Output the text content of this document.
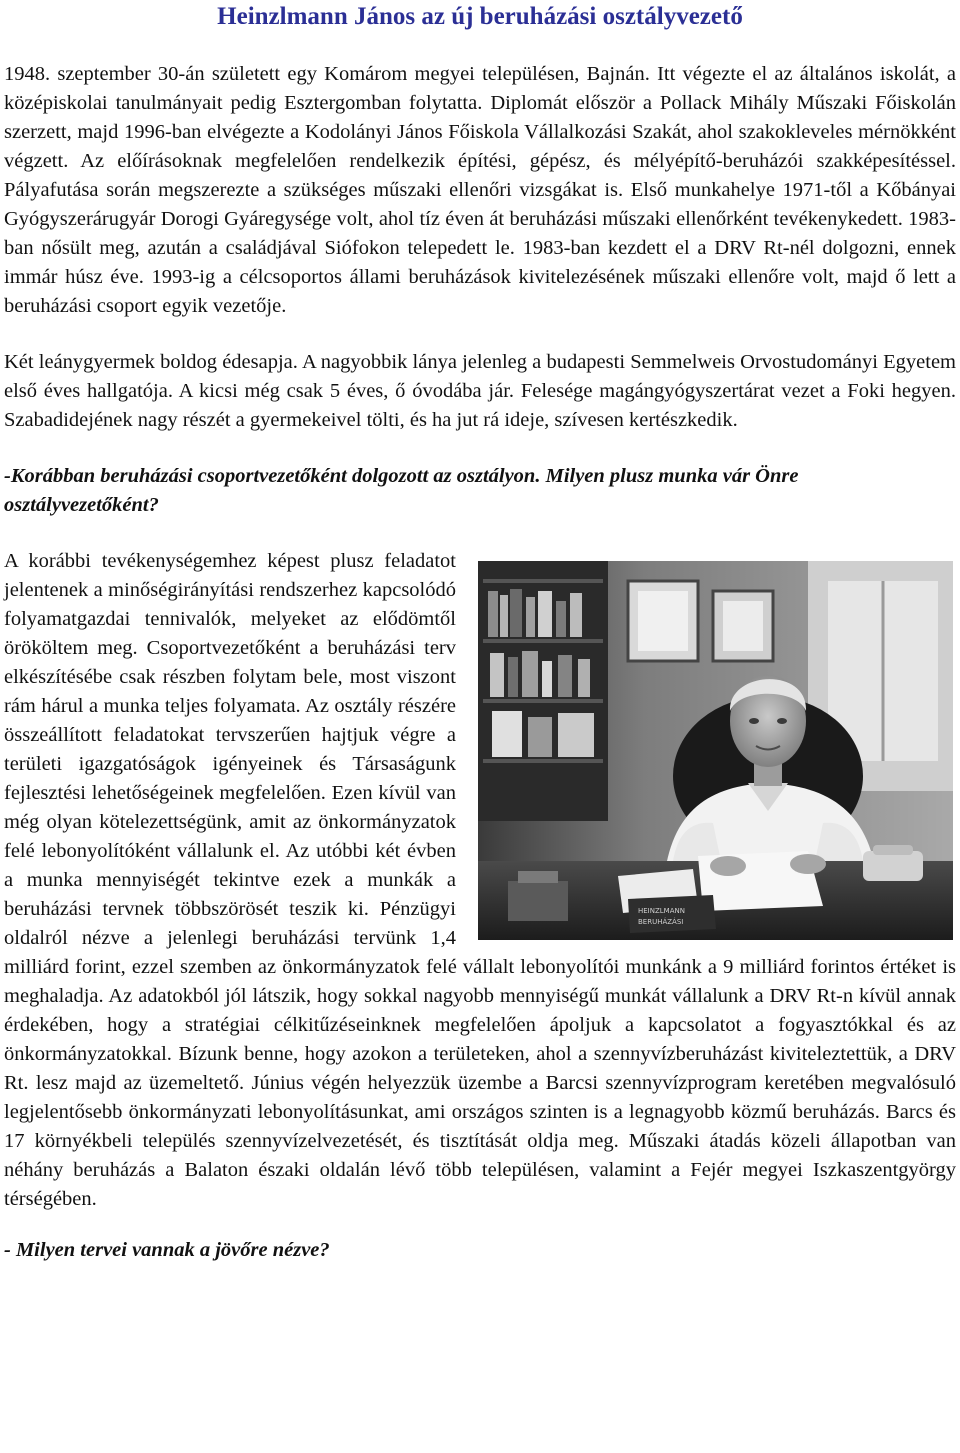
Heinzlmann János az új beruházási osztályvezető

1948. szeptember 30-án született egy Komárom megyei településen, Bajnán. Itt végezte el az általános iskolát, a középiskolai tanulmányait pedig Esztergomban folytatta. Diplomát először a Pollack Mihály Műszaki Főiskolán szerzett, majd 1996-ban elvégezte a Kodolányi János Főiskola Vállalkozási Szakát, ahol szakokleveles mérnökként végzett. Az előírásoknak megfelelően rendelkezik építési, gépész, és mélyépítő-beruházói szakképesítéssel. Pályafutása során megszerezte a szükséges műszaki ellenőri vizsgákat is. Első munkahelye 1971-től a Kőbányai Gyógyszerárugyár Dorogi Gyáregysége volt, ahol tíz éven át beruházási műszaki ellenőrként tevékenykedett. 1983-ban nősült meg, azután a családjával Siófokon telepedett le. 1983-ban kezdett el a DRV Rt-nél dolgozni, ennek immár húsz éve. 1993-ig a célcsoportos állami beruházások kivitelezésének műszaki ellenőre volt, majd ő lett a beruházási csoport egyik vezetője.

Két leánygyermek boldog édesapja. A nagyobbik lánya jelenleg a budapesti Semmelweis Orvostudományi Egyetem első éves hallgatója. A kicsi még csak 5 éves, ő óvodába jár. Felesége magángyógyszertárat vezet a Foki hegyen. Szabadidejének nagy részét a gyermekeivel tölti, és ha jut rá ideje, szívesen kertészkedik.

-Korábban beruházási csoportvezetőként dolgozott az osztályon. Milyen plusz munka vár Önre osztályvezetőként?

HEINZLMANN
BERUHÁZÁSI

A korábbi tevékenységemhez képest plusz feladatot jelentenek a minőségirányítási rendszerhez kapcsolódó folyamatgazdai tennivalók, melyeket az elődömtől örököltem meg. Csoportvezetőként a beruházási terv elkészítésébe csak részben folytam bele, most viszont rám hárul a munka teljes folyamata. Az osztály részére összeállított feladatokat tervszerűen hajtjuk végre a területi igazgatóságok igényeinek és Társaságunk fejlesztési lehetőségeinek megfelelően. Ezen kívül van még olyan kötelezettségünk, amit az önkormányzatok felé lebonyolítóként vállalunk el. Az utóbbi két évben a munka mennyiségét tekintve ezek a munkák a beruházási tervnek többszörösét teszik ki. Pénzügyi oldalról nézve a jelenlegi beruházási tervünk 1,4 milliárd forint, ezzel szemben az önkormányzatok felé vállalt lebonyolítói munkánk a 9 milliárd forintos értéket is meghaladja. Az adatokból jól látszik, hogy sokkal nagyobb mennyiségű munkát vállalunk a DRV Rt-n kívül annak érdekében, hogy a stratégiai célkitűzéseinknek megfelelően ápoljuk a kapcsolatot a fogyasztókkal és az önkormányzatokkal. Bízunk benne, hogy azokon a területeken, ahol a szennyvízberuházást kiviteleztettük, a DRV Rt. lesz majd az üzemeltető. Június végén helyezzük üzembe a Barcsi szennyvízprogram keretében megvalósuló legjelentősebb önkormányzati lebonyolításunkat, ami országos szinten is a legnagyobb közmű beruházás. Barcs és 17 környékbeli település szennyvízelvezetését, és tisztítását oldja meg. Műszaki átadás közeli állapotban van néhány beruházás a Balaton északi oldalán lévő több településen, valamint a Fejér megyei Iszkaszentgyörgy térségében.

- Milyen tervei vannak a jövőre nézve?
